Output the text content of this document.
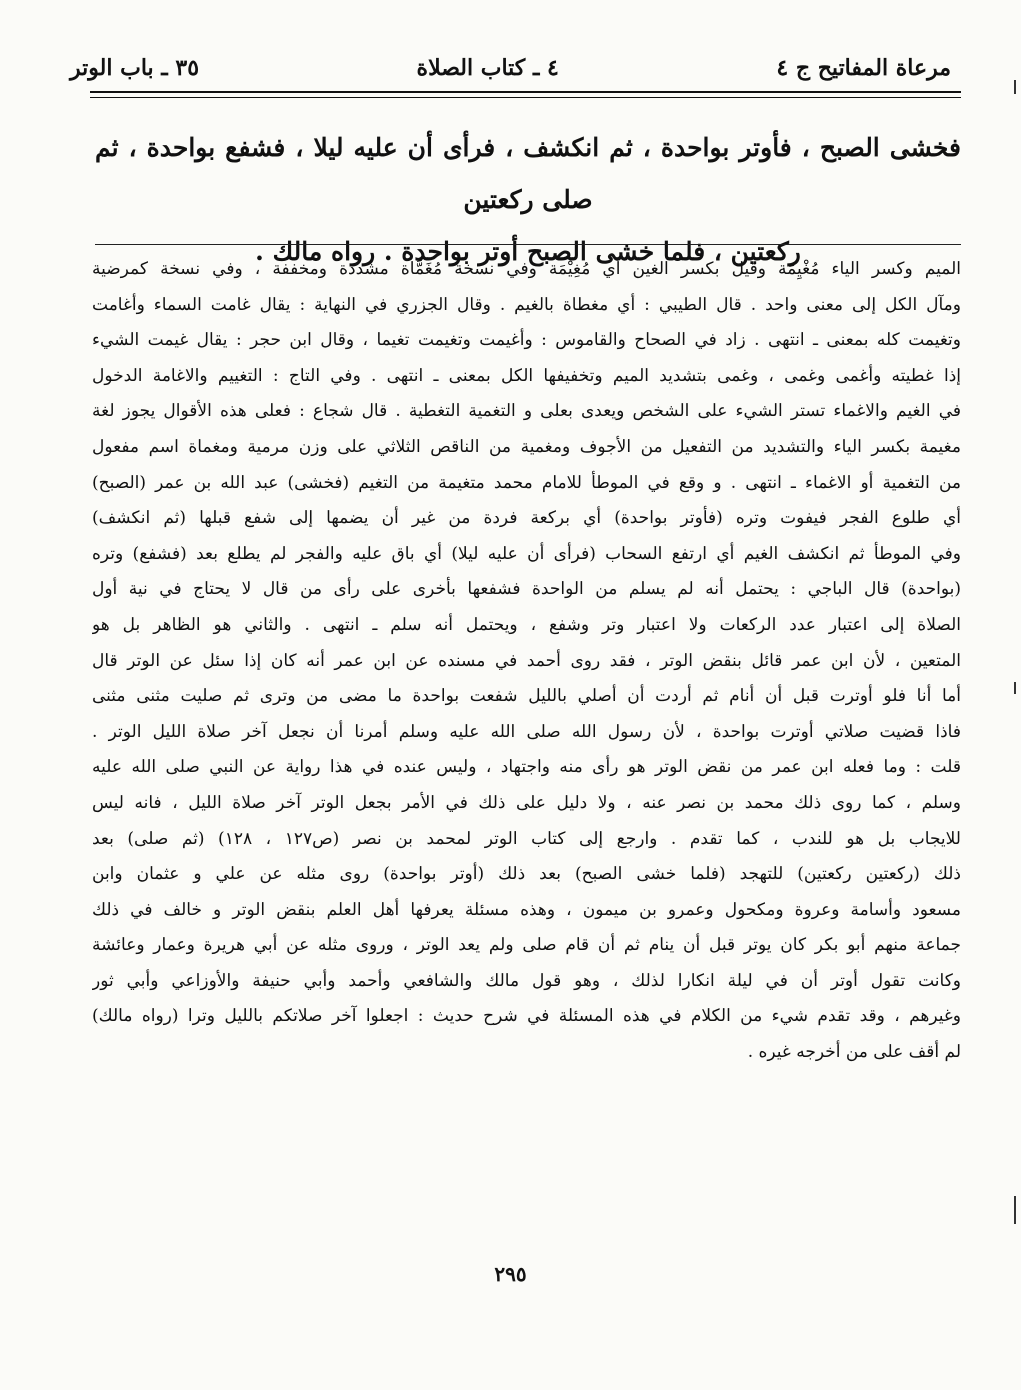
مرعاة المفاتيح ج ٤
٤ ـ كتاب الصلاة
٣٥ ـ باب الوتر
فخشى الصبح ، فأوتر بواحدة ، ثم انكشف ، فرأى أن عليه ليلا ، فشفع بواحدة ، ثم صلى ركعتين
ركعتين ، فلما خشى الصبح أوتر بواحدة . رواه مالك .

الميم وكسر الياء مُغْيِمَة وقيل بكسر الغين أي مُغِيْمَة وفي نسخة مُغَمَّاة مشددة ومخففة ، وفي نسخة كمرضية

ومآل الكل إلى معنى واحد . قال الطيبي : أي مغطاة بالغيم . وقال الجزري في النهاية : يقال غامت السماء وأغامت

وتغيمت كله بمعنى ـ انتهى . زاد في الصحاح والقاموس : وأغيمت وتغيمت تغيما ، وقال ابن حجر : يقال غيمت الشيء

إذا غطيته وأغمى وغمى ، وغمى بتشديد الميم وتخفيفها الكل بمعنى ـ انتهى . وفي التاج : التغييم والاغامة الدخول

في الغيم والاغماء تستر الشيء على الشخص ويعدى بعلى و التغمية التغطية . قال شجاع : فعلى هذه الأقوال يجوز لغة

مغيمة بكسر الياء والتشديد من التفعيل من الأجوف ومغمية من الناقص الثلاثي على وزن مرمية ومغماة اسم مفعول

من التغمية أو الاغماء ـ انتهى . و وقع في الموطأ للامام محمد متغيمة من التغيم (فخشى) عبد الله بن عمر (الصبح)

أي طلوع الفجر فيفوت وتره (فأوتر بواحدة) أي بركعة فردة من غير أن يضمها إلى شفع قبلها (ثم انكشف)

وفي الموطأ ثم انكشف الغيم أي ارتفع السحاب (فرأى أن عليه ليلا) أي باق عليه والفجر لم يطلع بعد (فشفع) وتره

(بواحدة) قال الباجي : يحتمل أنه لم يسلم من الواحدة فشفعها بأخرى على رأى من قال لا يحتاج في نية أول

الصلاة إلى اعتبار عدد الركعات ولا اعتبار وتر وشفع ، ويحتمل أنه سلم ـ انتهى . والثاني هو الظاهر بل هو

المتعين ، لأن ابن عمر قائل بنقض الوتر ، فقد روى أحمد في مسنده عن ابن عمر أنه كان إذا سئل عن الوتر قال

أما أنا فلو أوترت قبل أن أنام ثم أردت أن أصلي بالليل شفعت بواحدة ما مضى من وترى ثم صليت مثنى مثنى

فاذا قضيت صلاتي أوترت بواحدة ، لأن رسول الله صلى الله عليه وسلم أمرنا أن نجعل آخر صلاة الليل الوتر .

قلت : وما فعله ابن عمر من نقض الوتر هو رأى منه واجتهاد ، وليس عنده في هذا رواية عن النبي صلى الله عليه

وسلم ، كما روى ذلك محمد بن نصر عنه ، ولا دليل على ذلك في الأمر بجعل الوتر آخر صلاة الليل ، فانه ليس

للايجاب بل هو للندب ، كما تقدم . وارجع إلى كتاب الوتر لمحمد بن نصر (ص١٢٧ ، ١٢٨) (ثم صلى) بعد

ذلك (ركعتين ركعتين) للتهجد (فلما خشى الصبح) بعد ذلك (أوتر بواحدة) روى مثله عن علي و عثمان وابن

مسعود وأسامة وعروة ومكحول وعمرو بن ميمون ، وهذه مسئلة يعرفها أهل العلم بنقض الوتر و خالف في ذلك

جماعة منهم أبو بكر كان يوتر قبل أن ينام ثم أن قام صلى ولم يعد الوتر ، وروى مثله عن أبي هريرة وعمار وعائشة

وكانت تقول أوتر أن في ليلة انكارا لذلك ، وهو قول مالك والشافعي وأحمد وأبي حنيفة والأوزاعي وأبي ثور

وغيرهم ، وقد تقدم شيء من الكلام في هذه المسئلة في شرح حديث : اجعلوا آخر صلاتكم بالليل وترا (رواه مالك)

لم أقف على من أخرجه غيره .

٢٩٥
